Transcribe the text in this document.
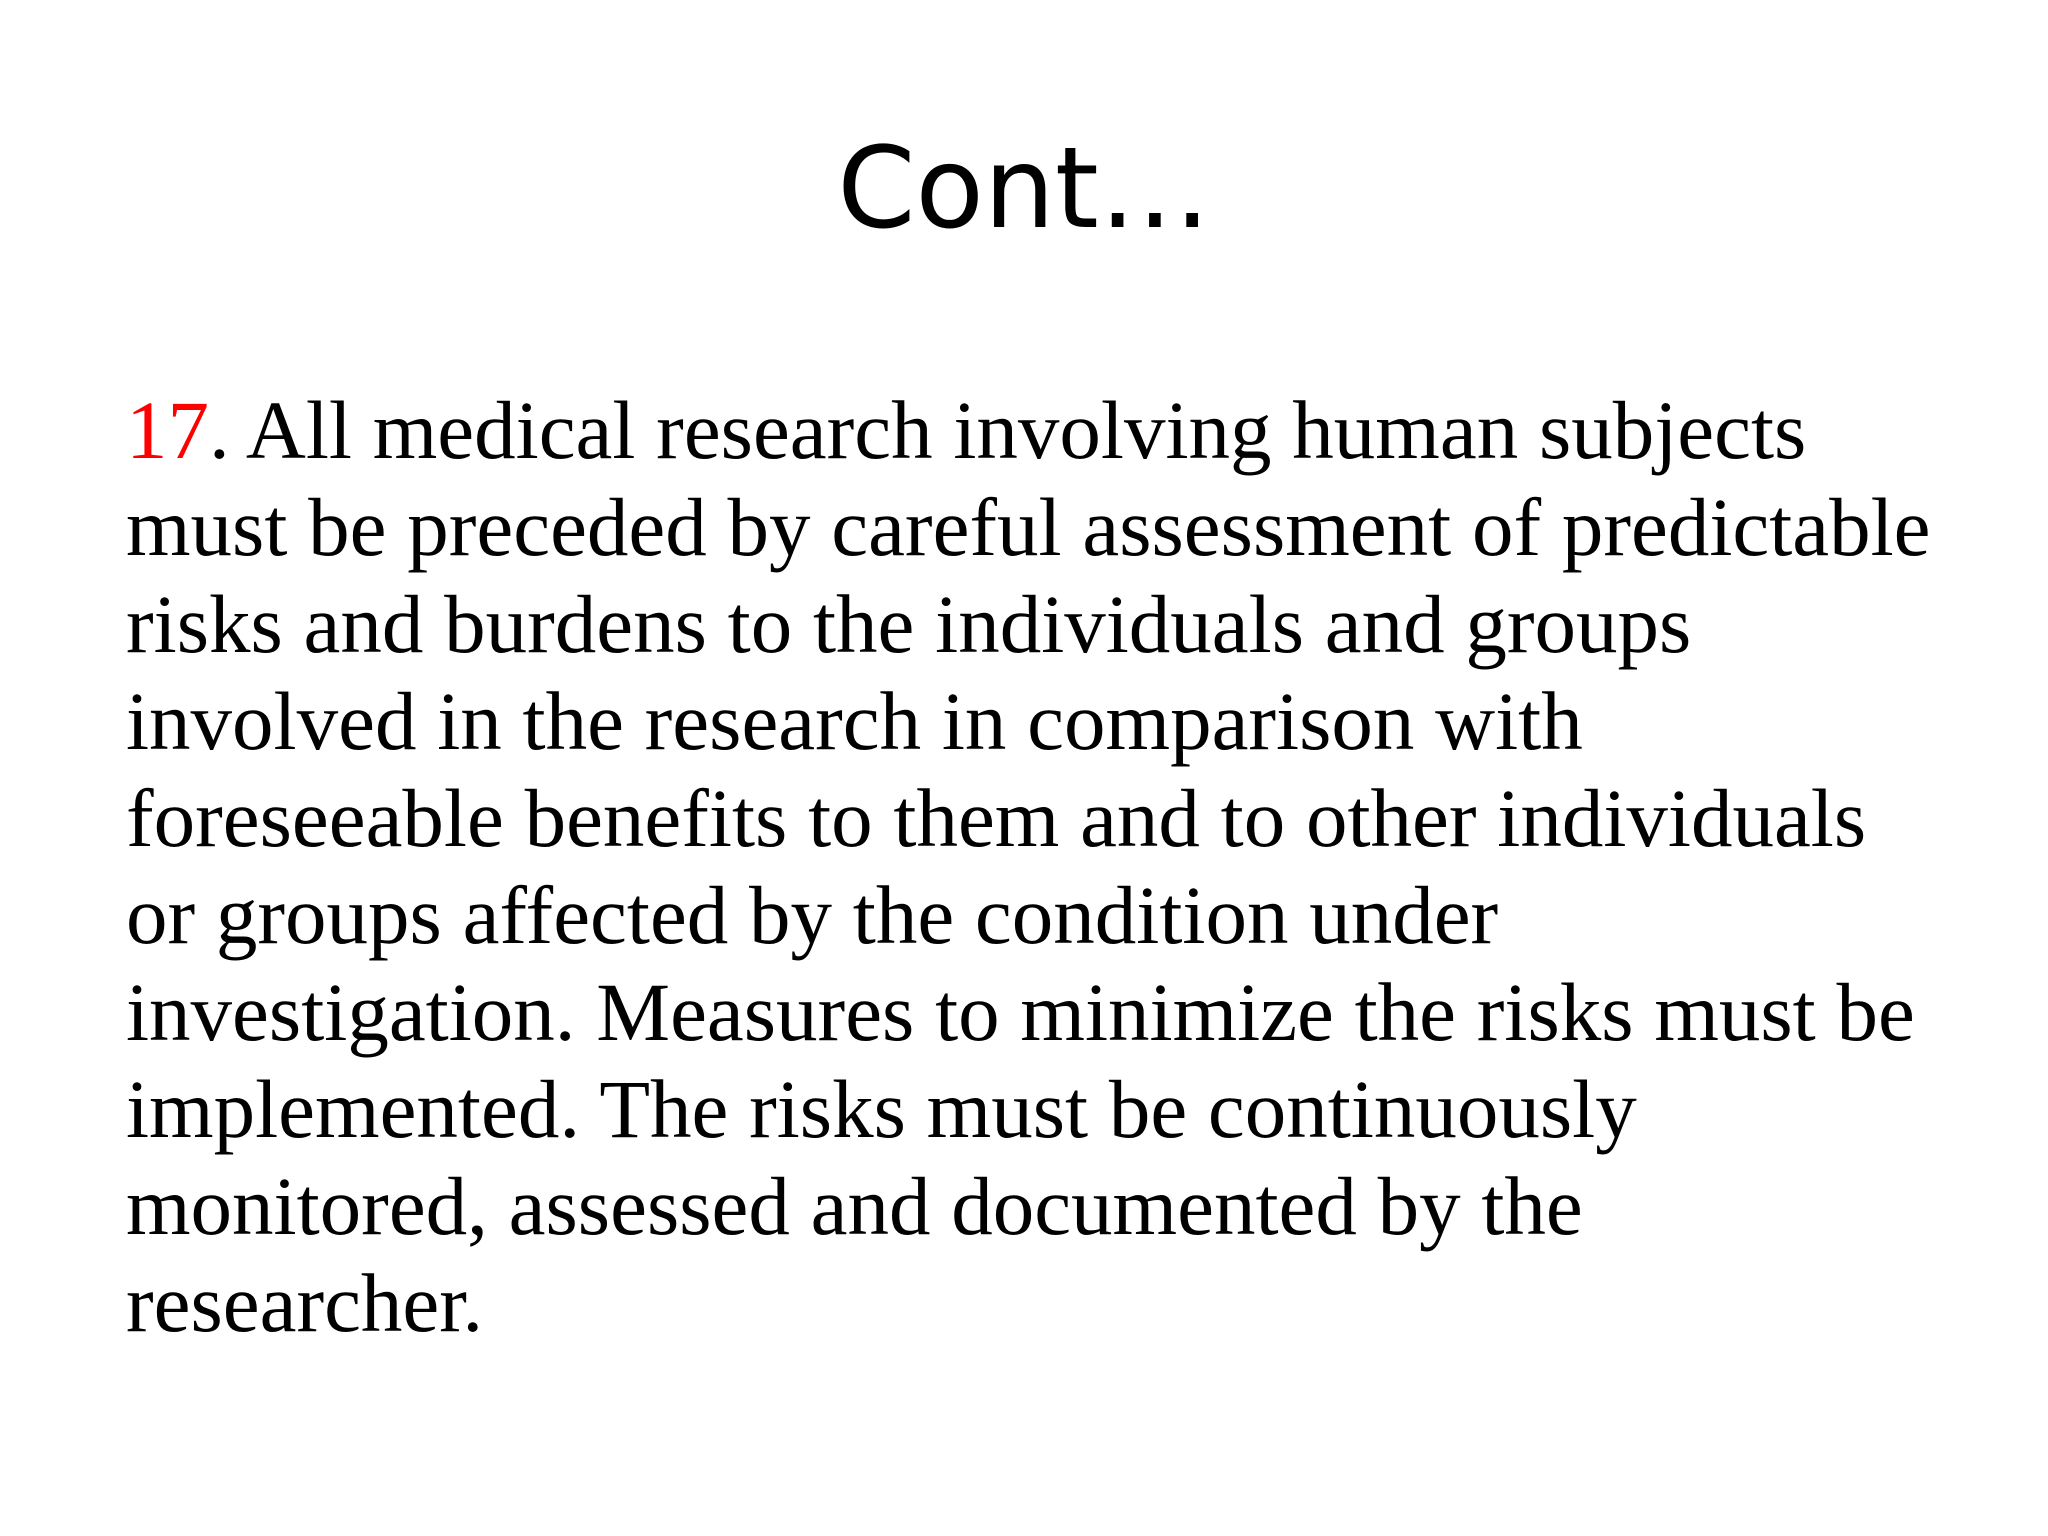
Cont…

17. All medical research involving human subjects must be preceded by careful assessment of predictable risks and burdens to the individuals and groups involved in the research in comparison with foreseeable benefits to them and to other individuals or groups affected by the condition under investigation. Measures to minimize the risks must be implemented. The risks must be continuously monitored, assessed and documented by the researcher.
